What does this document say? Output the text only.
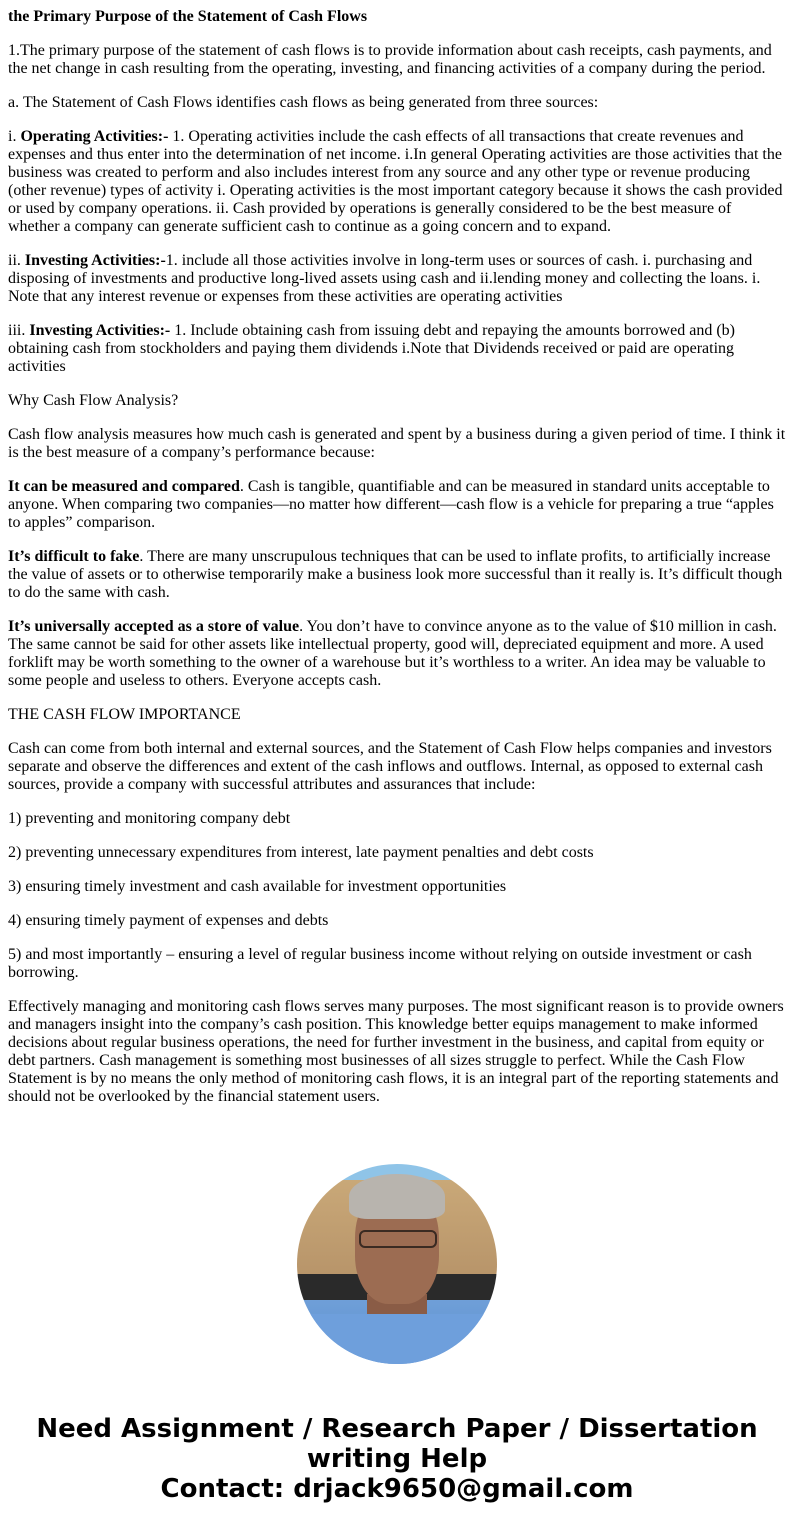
the Primary Purpose of the Statement of Cash Flows

1.The primary purpose of the statement of cash flows is to provide information about cash receipts, cash payments, and the net change in cash resulting from the operating, investing, and financing activities of a company during the period.

a. The Statement of Cash Flows identifies cash flows as being generated from three sources:

i. Operating Activities:- 1. Operating activities include the cash effects of all transactions that create revenues and expenses and thus enter into the determination of net income. i.In general Operating activities are those activities that the business was created to perform and also includes interest from any source and any other type or revenue producing (other revenue) types of activity i. Operating activities is the most important category because it shows the cash provided or used by company operations. ii. Cash provided by operations is generally considered to be the best measure of whether a company can generate sufficient cash to continue as a going concern and to expand.

ii. Investing Activities:-1. include all those activities involve in long-term uses or sources of cash. i. purchasing and disposing of investments and productive long-lived assets using cash and ii.lending money and collecting the loans. i. Note that any interest revenue or expenses from these activities are operating activities

iii. Investing Activities:- 1. Include obtaining cash from issuing debt and repaying the amounts borrowed and (b) obtaining cash from stockholders and paying them dividends i.Note that Dividends received or paid are operating activities

Why Cash Flow Analysis?

Cash flow analysis measures how much cash is generated and spent by a business during a given period of time. I think it is the best measure of a company’s performance because:

It can be measured and compared. Cash is tangible, quantifiable and can be measured in standard units acceptable to anyone. When comparing two companies—no matter how different—cash flow is a vehicle for preparing a true “apples to apples” comparison.

It’s difficult to fake. There are many unscrupulous techniques that can be used to inflate profits, to artificially increase the value of assets or to otherwise temporarily make a business look more successful than it really is. It’s difficult though to do the same with cash.

It’s universally accepted as a store of value. You don’t have to convince anyone as to the value of $10 million in cash. The same cannot be said for other assets like intellectual property, good will, depreciated equipment and more. A used forklift may be worth something to the owner of a warehouse but it’s worthless to a writer. An idea may be valuable to some people and useless to others. Everyone accepts cash.

THE CASH FLOW IMPORTANCE

Cash can come from both internal and external sources, and the Statement of Cash Flow helps companies and investors separate and observe the differences and extent of the cash inflows and outflows. Internal, as opposed to external cash sources, provide a company with successful attributes and assurances that include:

1) preventing and monitoring company debt

2) preventing unnecessary expenditures from interest, late payment penalties and debt costs

3) ensuring timely investment and cash available for investment opportunities

4) ensuring timely payment of expenses and debts

5) and most importantly – ensuring a level of regular business income without relying on outside investment or cash borrowing.

Effectively managing and monitoring cash flows serves many purposes. The most significant reason is to provide owners and managers insight into the company’s cash position. This knowledge better equips management to make informed decisions about regular business operations, the need for further investment in the business, and capital from equity or debt partners. Cash management is something most businesses of all sizes struggle to perfect. While the Cash Flow Statement is by no means the only method of monitoring cash flows, it is an integral part of the reporting statements and should not be overlooked by the financial statement users.

Need Assignment / Research Paper / Dissertation writing Help
Contact: drjack9650@gmail.com
